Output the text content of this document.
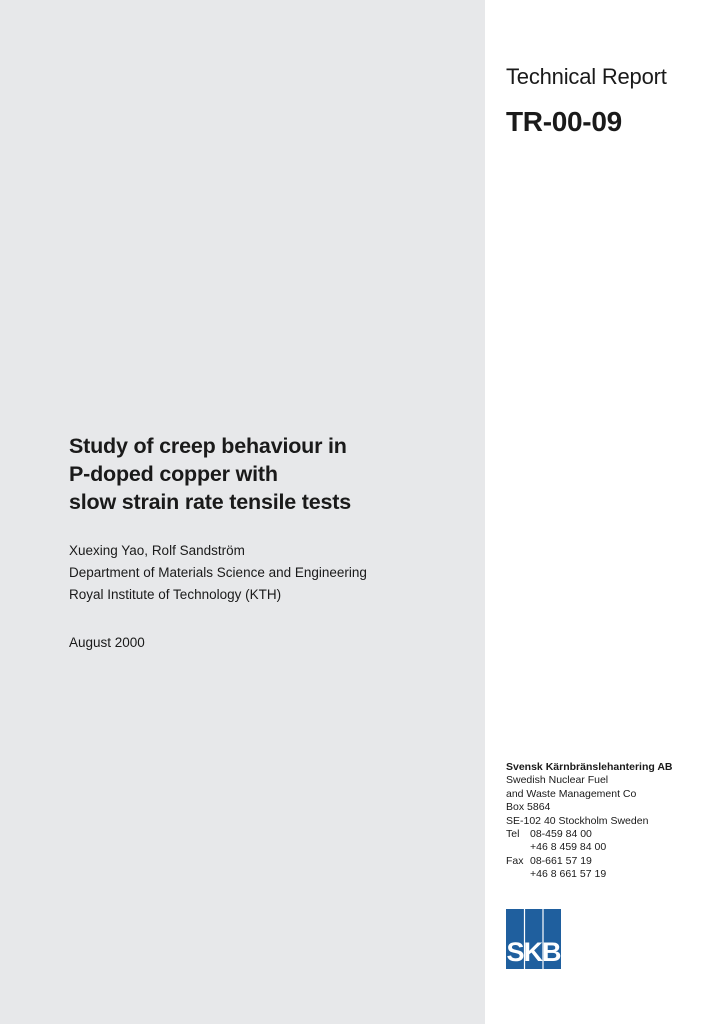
Technical Report
TR-00-09
Study of creep behaviour in
P-doped copper with
slow strain rate tensile tests
Xuexing Yao, Rolf Sandström
Department of Materials Science and Engineering
Royal Institute of Technology (KTH)
August 2000
Svensk Kärnbränslehantering AB
Swedish Nuclear Fuel
and Waste Management Co
Box 5864
SE-102 40 Stockholm Sweden
Tel	08-459 84 00
+46 8 459 84 00
Fax 08-661 57 19
+46 8 661 57 19
SKB
